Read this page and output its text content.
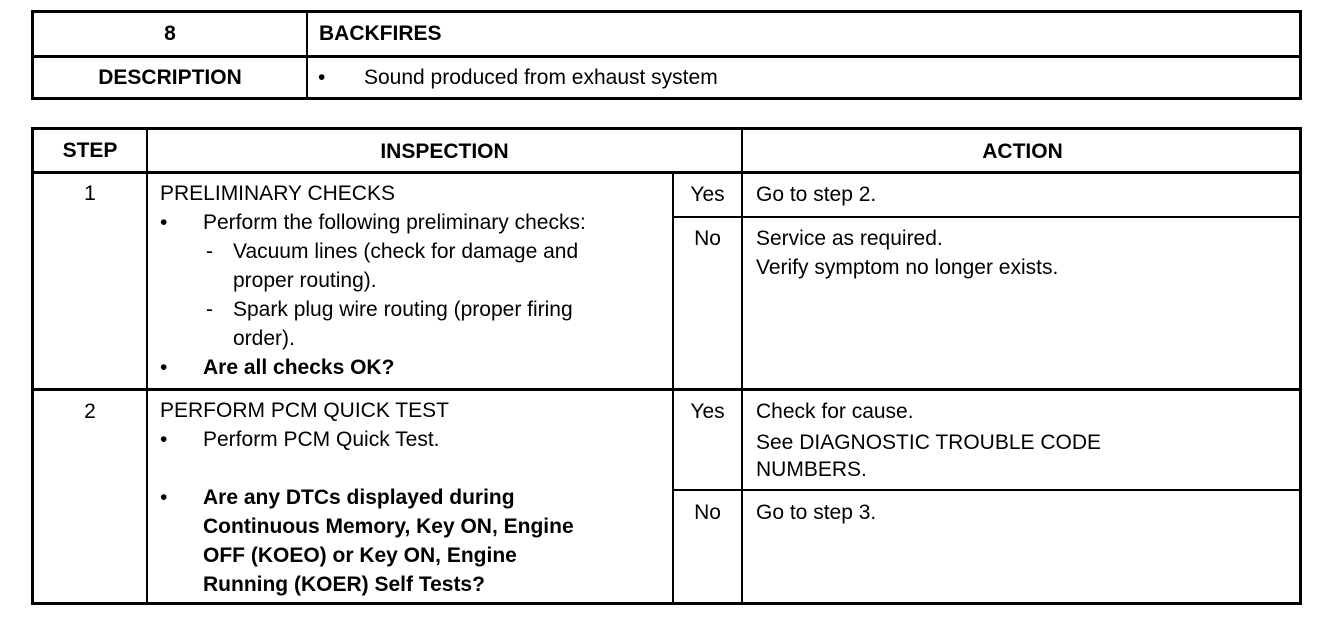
8	BACKFIRES
DESCRIPTION	• Sound produced from exhaust system
STEP	INSPECTION	ACTION
1	PRELIMINARY CHECKS
• Perform the following preliminary checks:
- Vacuum lines (check for damage and
proper routing).
- Spark plug wire routing (proper firing
order).
• Are all checks OK?
Yes	Go to step 2.
No	Service as required.
Verify symptom no longer exists.
2	PERFORM PCM QUICK TEST
• Perform PCM Quick Test.
• Are any DTCs displayed during
Continuous Memory, Key ON, Engine
OFF (KOEO) or Key ON, Engine
Running (KOER) Self Tests?
Yes	Check for cause.
See DIAGNOSTIC TROUBLE CODE
NUMBERS.
No	Go to step 3.
